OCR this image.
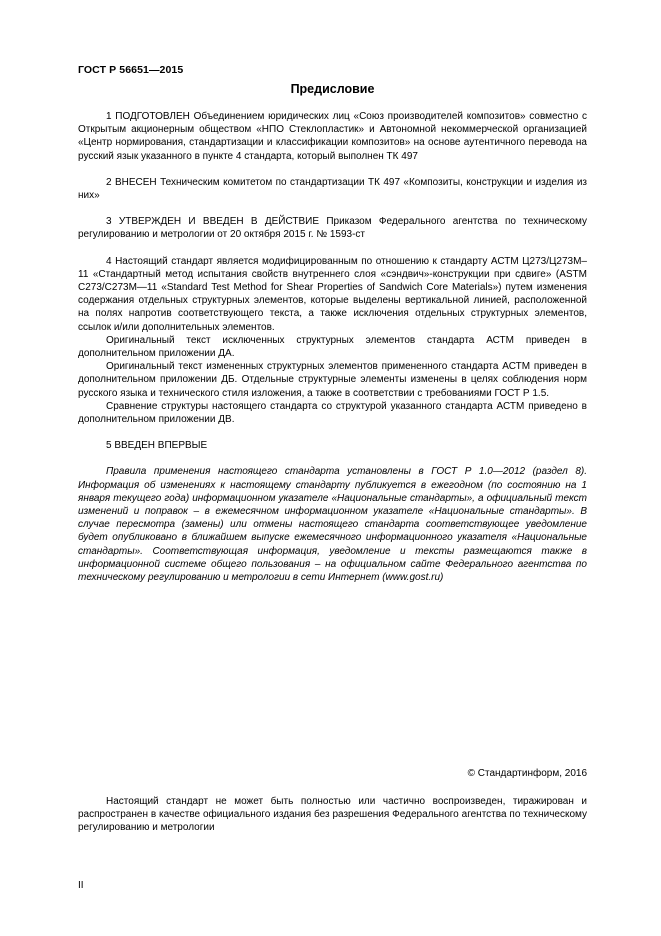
ГОСТ Р 56651—2015
Предисловие

1 ПОДГОТОВЛЕН Объединением юридических лиц «Союз производителей композитов» совместно с Открытым акционерным обществом «НПО Стеклопластик» и Автономной некоммерческой организацией «Центр нормирования, стандартизации и классификации композитов» на основе аутентичного перевода на русский язык указанного в пункте 4 стандарта, который выполнен ТК 497

2 ВНЕСЕН Техническим комитетом по стандартизации ТК 497 «Композиты, конструкции и изделия из них»

3 УТВЕРЖДЕН И ВВЕДЕН В ДЕЙСТВИЕ Приказом Федерального агентства по техническому регулированию и метрологии от 20 октября 2015 г. № 1593-ст

4 Настоящий стандарт является модифицированным по отношению к стандарту АСТМ Ц273/Ц273М–11 «Стандартный метод испытания свойств внутреннего слоя «сэндвич»-конструкции при сдвиге» (ASTM C273/C273M—11 «Standard Test Method for Shear Properties of Sandwich Core Materials») путем изменения содержания отдельных структурных элементов, которые выделены вертикальной линией, расположенной на полях напротив соответствующего текста, а также исключения отдельных структурных элементов, ссылок и/или дополнительных элементов.

Оригинальный текст исключенных структурных элементов стандарта АСТМ приведен в дополнительном приложении ДА.

Оригинальный текст измененных структурных элементов примененного стандарта АСТМ приведен в дополнительном приложении ДБ. Отдельные структурные элементы изменены в целях соблюдения норм русского языка и технического стиля изложения, а также в соответствии с требованиями ГОСТ Р 1.5.

Сравнение структуры настоящего стандарта со структурой указанного стандарта АСТМ приведено в дополнительном приложении ДВ.

5 ВВЕДЕН ВПЕРВЫЕ

Правила применения настоящего стандарта установлены в ГОСТ Р 1.0—2012 (раздел 8). Информация об изменениях к настоящему стандарту публикуется в ежегодном (по состоянию на 1 января текущего года) информационном указателе «Национальные стандарты», а официальный текст изменений и поправок – в ежемесячном информационном указателе «Национальные стандарты». В случае пересмотра (замены) или отмены настоящего стандарта соответствующее уведомление будет опубликовано в ближайшем выпуске ежемесячного информационного указателя «Национальные стандарты». Соответствующая информация, уведомление и тексты размещаются также в информационной системе общего пользования – на официальном сайте Федерального агентства по техническому регулированию и метрологии в сети Интернет (www.gost.ru)

© Стандартинформ, 2016

Настоящий стандарт не может быть полностью или частично воспроизведен, тиражирован и распространен в качестве официального издания без разрешения Федерального агентства по техническому регулированию и метрологии

II
